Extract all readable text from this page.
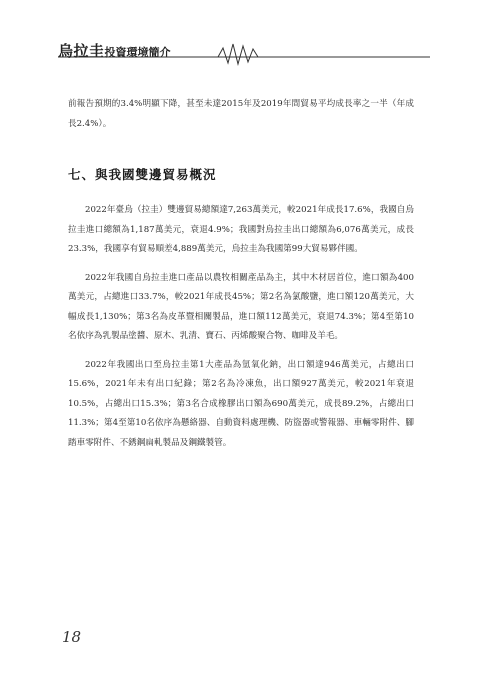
烏拉圭投資環境簡介

前報告預期的3.4%明顯下降，甚至未達2015年及2019年間貿易平均成長率之一半（年成長2.4%）。

七、與我國雙邊貿易概況

2022年臺烏（拉圭）雙邊貿易總額達7,263萬美元，較2021年成長17.6%，我國自烏拉圭進口總額為1,187萬美元，衰退4.9%；我國對烏拉圭出口總額為6,076萬美元，成長23.3%，我國享有貿易順差4,889萬美元，烏拉圭為我國第99大貿易夥伴國。

2022年我國自烏拉圭進口產品以農牧相關產品為主，其中木材居首位，進口額為400萬美元，占總進口33.7%，較2021年成長45%；第2名為氯酸鹽，進口額120萬美元，大幅成長1,130%；第3名為皮革暨相關製品，進口額112萬美元，衰退74.3%；第4至第10名依序為乳製品塗醬、原木、乳清、寶石、丙烯酸聚合物、咖啡及羊毛。

2022年我國出口至烏拉圭第1大產品為氫氧化鈉，出口額達946萬美元，占總出口15.6%，2021年未有出口紀錄；第2名為冷凍魚，出口額927萬美元，較2021年衰退10.5%，占總出口15.3%；第3名合成橡膠出口額為690萬美元，成長89.2%，占總出口11.3%；第4至第10名依序為懸絡器、自動資料處理機、防盜器或警報器、車輛零附件、腳踏車零附件、不銹鋼扁軋製品及鋼鐵製管。

18
